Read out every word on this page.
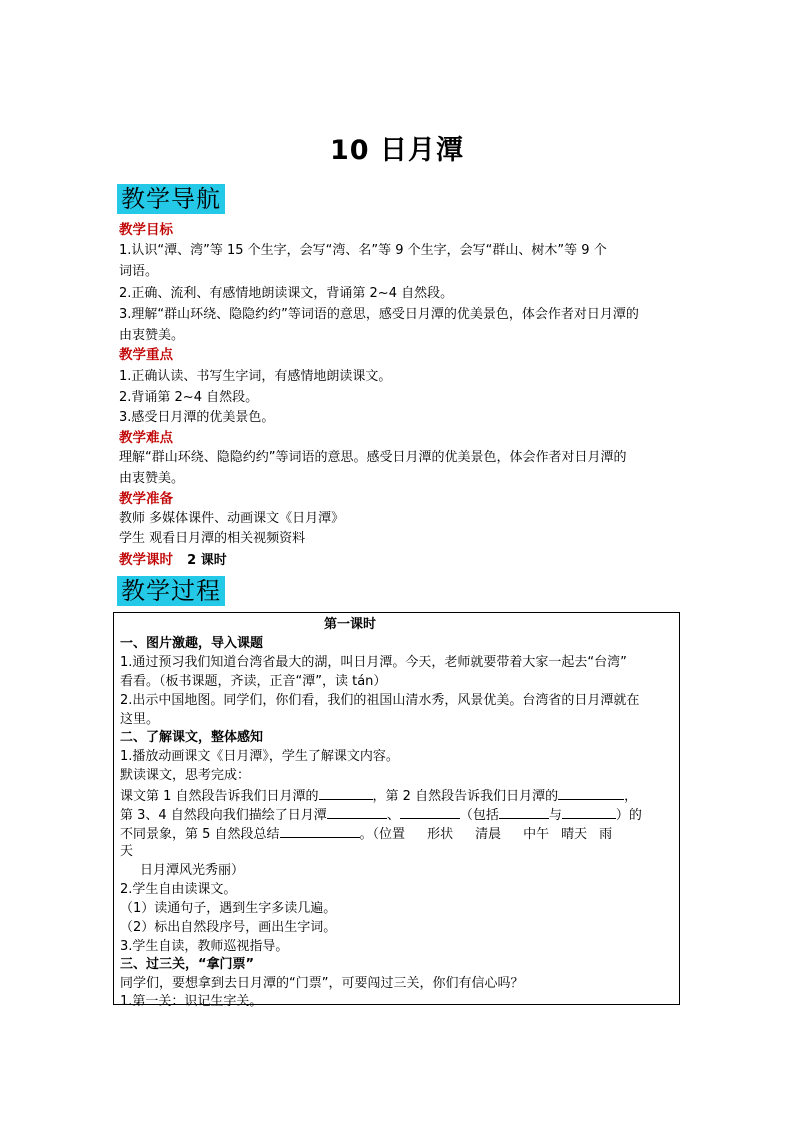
10 日月潭
教学导航
教学目标
1.认识“潭、湾”等 15 个生字，会写“湾、名”等 9 个生字，会写“群山、树木”等 9 个
词语。
2.正确、流利、有感情地朗读课文，背诵第 2~4 自然段。
3.理解“群山环绕、隐隐约约”等词语的意思，感受日月潭的优美景色，体会作者对日月潭的
由衷赞美。
教学重点
1.正确认读、书写生字词，有感情地朗读课文。
2.背诵第 2~4 自然段。
3.感受日月潭的优美景色。
教学难点
理解“群山环绕、隐隐约约”等词语的意思。感受日月潭的优美景色，体会作者对日月潭的
由衷赞美。
教学准备
教师 多媒体课件、动画课文《日月潭》
学生 观看日月潭的相关视频资料
教学课时 2 课时
教学过程
第一课时
一、图片激趣，导入课题
1.通过预习我们知道台湾省最大的湖，叫日月潭。今天，老师就要带着大家一起去“台湾”
看看。（板书课题，齐读，正音“潭”，读 tán）
2.出示中国地图。同学们，你们看，我们的祖国山清水秀，风景优美。台湾省的日月潭就在
这里。
二、了解课文，整体感知
1.播放动画课文《日月潭》，学生了解课文内容。
默读课文，思考完成：
课文第 1 自然段告诉我们日月潭的	，第 2 自然段告诉我们日月潭的	，
第 3、4 自然段向我们描绘了日月潭	、	（包括	与	）的
不同景象，第 5 自然段总结	。（位置 形状 清晨 中午 晴天 雨
天
日月潭风光秀丽）
2.学生自由读课文。
（1）读通句子，遇到生字多读几遍。
（2）标出自然段序号，画出生字词。
3.学生自读，教师巡视指导。
三、过三关，“拿门票”
同学们，要想拿到去日月潭的“门票”，可要闯过三关，你们有信心吗？
1.第一关：识记生字关。
